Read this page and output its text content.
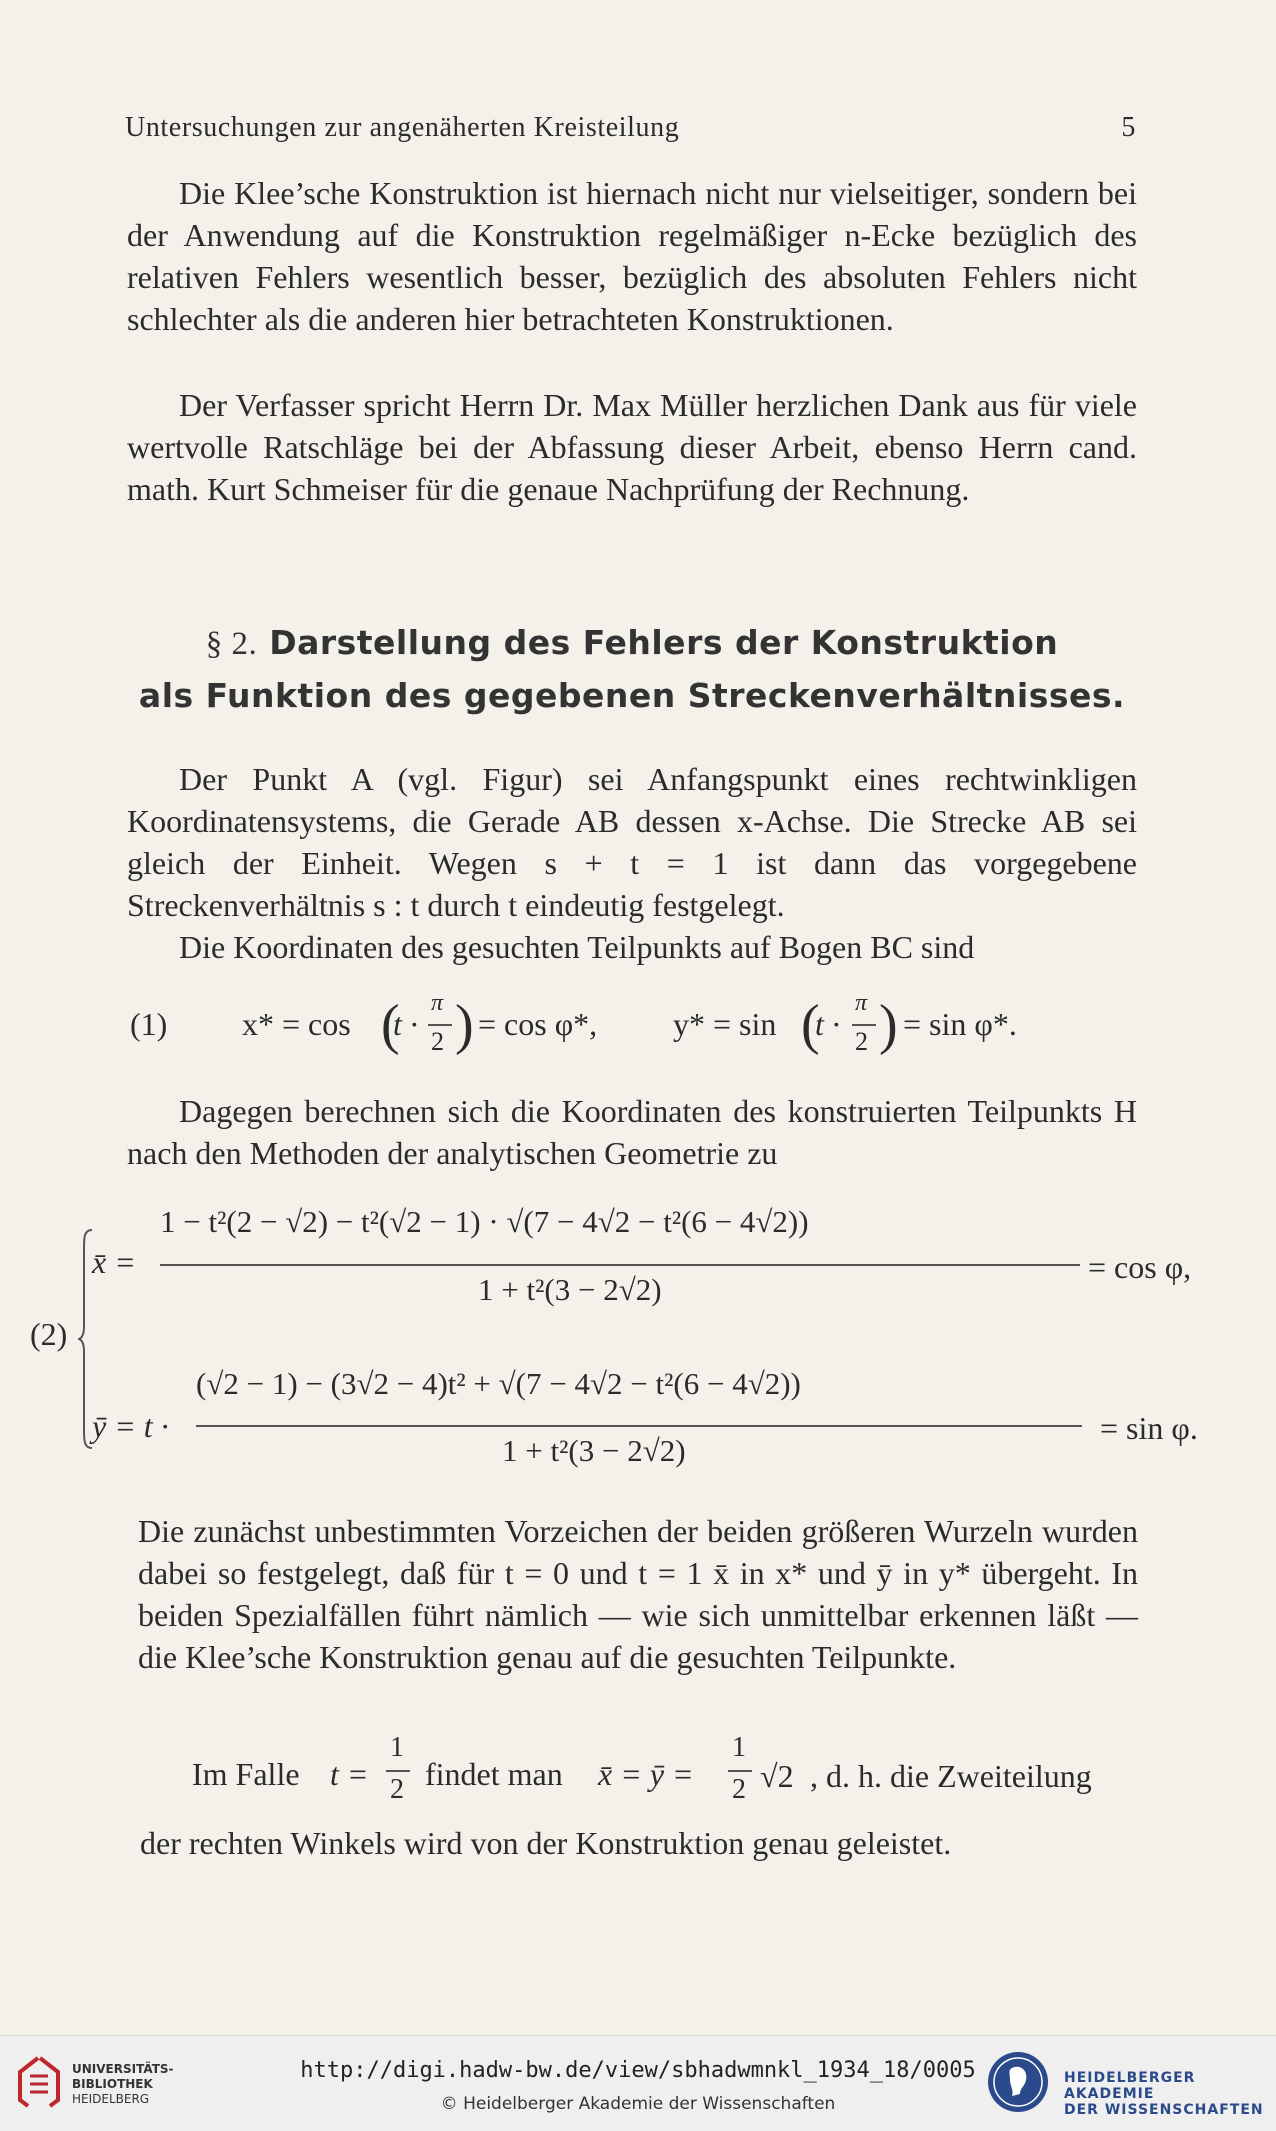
Untersuchungen zur angenäherten Kreisteilung	5
Die Klee’sche Konstruktion ist hiernach nicht nur vielseitiger, sondern bei der Anwendung auf die Konstruktion regelmäßiger n-Ecke bezüglich des relativen Fehlers wesentlich besser, bezüglich des absoluten Fehlers nicht schlechter als die anderen hier betrachteten Konstruktionen.
Der Verfasser spricht Herrn Dr. Max Müller herzlichen Dank aus für viele wertvolle Ratschläge bei der Abfassung dieser Arbeit, ebenso Herrn cand. math. Kurt Schmeiser für die genaue Nachprüfung der Rechnung.
§ 2. Darstellung des Fehlers der Konstruktion
als Funktion des gegebenen Streckenverhältnisses.
Der Punkt A (vgl. Figur) sei Anfangspunkt eines rechtwinkligen Koordinatensystems, die Gerade AB dessen x-Achse. Die Strecke AB sei gleich der Einheit. Wegen s + t = 1 ist dann das vorgegebene Streckenverhältnis s : t durch t eindeutig festgelegt.
Die Koordinaten des gesuchten Teilpunkts auf Bogen BC sind
(1) x* = cos (
t ·
π
2 ) = cos φ*, y* = sin (
t ·
π
2 ) = sin φ*.
Dagegen berechnen sich die Koordinaten des konstruierten Teilpunkts H nach den Methoden der analytischen Geometrie zu
(2)
x̄ =
1 − t²(2 − √2) − t²(√2 − 1) · √(7 − 4√2 − t²(6 − 4√2))
1 + t²(3 − 2√2)
= cos φ,
ȳ = t ·
(√2 − 1) − (3√2 − 4)t² + √(7 − 4√2 − t²(6 − 4√2))
1 + t²(3 − 2√2)
= sin φ.
Die zunächst unbestimmten Vorzeichen der beiden größeren Wurzeln wurden dabei so festgelegt, daß für t = 0 und t = 1 x̄ in x* und ȳ in y* übergeht. In beiden Spezialfällen führt nämlich — wie sich unmittelbar erkennen läßt — die Klee’sche Konstruktion genau auf die gesuchten Teilpunkte.
Im Falle t =
1
2 findet man x̄ = ȳ =
1
2 √2 , d. h. die Zweiteilung
der rechten Winkels wird von der Konstruktion genau geleistet.
UNIVERSITÄTS-
BIBLIOTHEK
HEIDELBERG
http://digi.hadw-bw.de/view/sbhadwmnkl_1934_18/0005
© Heidelberger Akademie der Wissenschaften
HEIDELBERGER AKADEMIE
DER WISSENSCHAFTEN
